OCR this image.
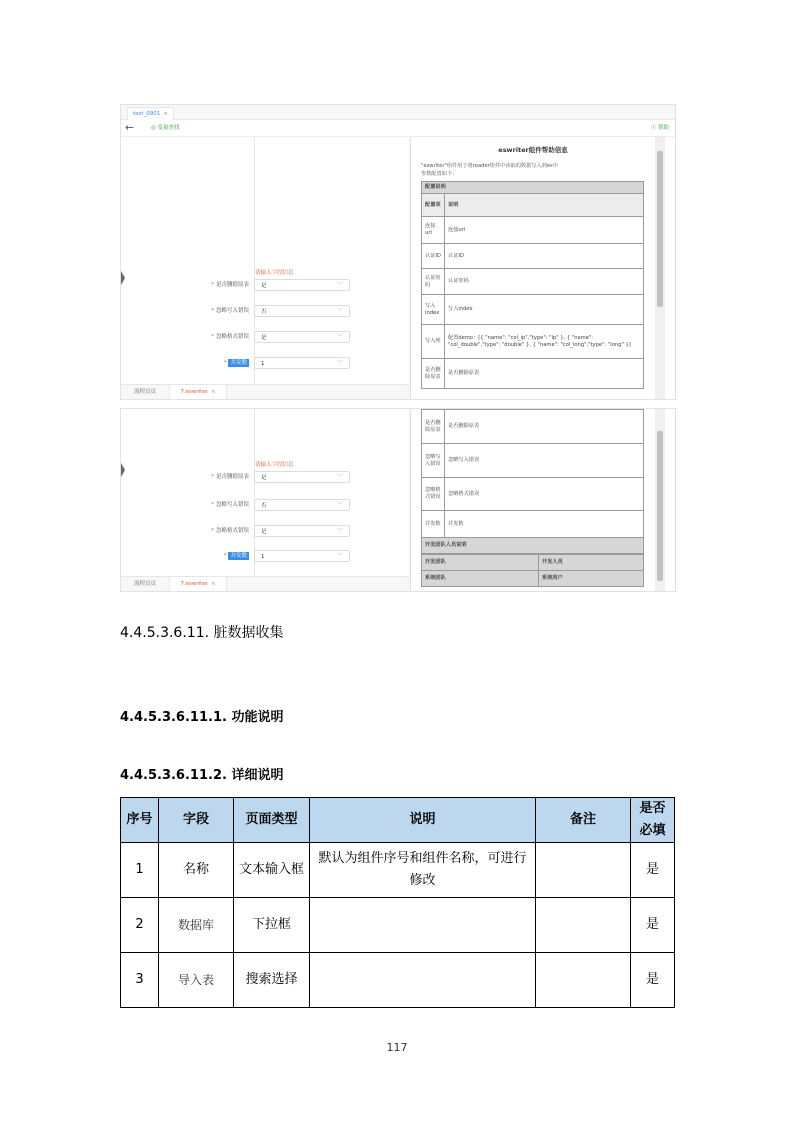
test_0901 ×
←	◎ 变量查找	ⓘ 帮助
请输入字段信息
* 是否删除原表	是	﹀
* 忽略写入错误	否	﹀
* 忽略格式错误	是	﹀
* 并发数	1	﹀
流程首页	7.eswriter ×
eswriter组件帮助信息
"eswriter"组件用于将reader组件中读取的数据写入到es中
参数配置如下：
配置说明	
配置项	说明
连接url	连接url
认证ID	认证ID
认证密码	认证密码
写入index	写入index
写入列	配置demo：[{ "name": "col_ip","type": "ip" }, { "name": "col_double","type": "double" }, { "name": "col_long","type": "long" }]
是否删除原表	是否删除原表
请输入字段信息
* 是否删除原表	是	﹀
* 忽略写入错误	否	﹀
* 忽略格式错误	是	﹀
* 并发数	1	﹀
流程首页	7.eswriter ×
是否删除原表	是否删除原表
忽略写入错误	忽略写入错误
忽略格式错误	忽略格式错误
并发数	并发数
开发团队人员说明	
开发团队	开发人员
系统团队	系统用户
4.4.5.3.6.11. 脏数据收集
4.4.5.3.6.11.1. 功能说明
4.4.5.3.6.11.2. 详细说明
序号	字段	页面类型	说明	备注	是否必填
1	名称	文本输入框	默认为组件序号和组件名称，可进行修改		是
2	数据库	下拉框			是
3	导入表	搜索选择			是
117
